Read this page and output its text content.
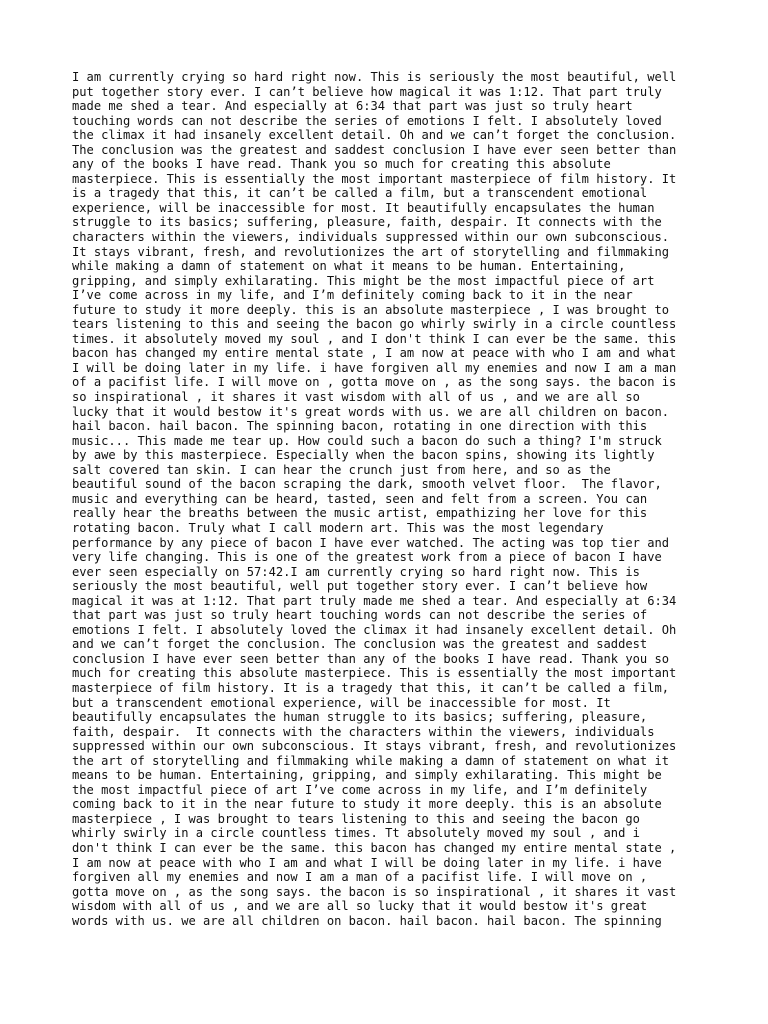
I am currently crying so hard right now. This is seriously the most beautiful, well
put together story ever. I can’t believe how magical it was 1:12. That part truly
made me shed a tear. And especially at 6:34 that part was just so truly heart
touching words can not describe the series of emotions I felt. I absolutely loved
the climax it had insanely excellent detail. Oh and we can’t forget the conclusion.
The conclusion was the greatest and saddest conclusion I have ever seen better than
any of the books I have read. Thank you so much for creating this absolute
masterpiece. This is essentially the most important masterpiece of film history. It
is a tragedy that this, it can’t be called a film, but a transcendent emotional
experience, will be inaccessible for most. It beautifully encapsulates the human
struggle to its basics; suffering, pleasure, faith, despair. It connects with the
characters within the viewers, individuals suppressed within our own subconscious.
It stays vibrant, fresh, and revolutionizes the art of storytelling and filmmaking
while making a damn of statement on what it means to be human. Entertaining,
gripping, and simply exhilarating. This might be the most impactful piece of art
I’ve come across in my life, and I’m definitely coming back to it in the near
future to study it more deeply. this is an absolute masterpiece , I was brought to
tears listening to this and seeing the bacon go whirly swirly in a circle countless
times. it absolutely moved my soul , and I don't think I can ever be the same. this
bacon has changed my entire mental state , I am now at peace with who I am and what
I will be doing later in my life. i have forgiven all my enemies and now I am a man
of a pacifist life. I will move on , gotta move on , as the song says. the bacon is
so inspirational , it shares it vast wisdom with all of us , and we are all so
lucky that it would bestow it's great words with us. we are all children on bacon.
hail bacon. hail bacon. The spinning bacon, rotating in one direction with this
music... This made me tear up. How could such a bacon do such a thing? I'm struck
by awe by this masterpiece. Especially when the bacon spins, showing its lightly
salt covered tan skin. I can hear the crunch just from here, and so as the
beautiful sound of the bacon scraping the dark, smooth velvet floor.  The flavor,
music and everything can be heard, tasted, seen and felt from a screen. You can
really hear the breaths between the music artist, empathizing her love for this
rotating bacon. Truly what I call modern art. This was the most legendary
performance by any piece of bacon I have ever watched. The acting was top tier and
very life changing. This is one of the greatest work from a piece of bacon I have
ever seen especially on 57:42.I am currently crying so hard right now. This is
seriously the most beautiful, well put together story ever. I can’t believe how
magical it was at 1:12. That part truly made me shed a tear. And especially at 6:34
that part was just so truly heart touching words can not describe the series of
emotions I felt. I absolutely loved the climax it had insanely excellent detail. Oh
and we can’t forget the conclusion. The conclusion was the greatest and saddest
conclusion I have ever seen better than any of the books I have read. Thank you so
much for creating this absolute masterpiece. This is essentially the most important
masterpiece of film history. It is a tragedy that this, it can’t be called a film,
but a transcendent emotional experience, will be inaccessible for most. It
beautifully encapsulates the human struggle to its basics; suffering, pleasure,
faith, despair.  It connects with the characters within the viewers, individuals
suppressed within our own subconscious. It stays vibrant, fresh, and revolutionizes
the art of storytelling and filmmaking while making a damn of statement on what it
means to be human. Entertaining, gripping, and simply exhilarating. This might be
the most impactful piece of art I’ve come across in my life, and I’m definitely
coming back to it in the near future to study it more deeply. this is an absolute
masterpiece , I was brought to tears listening to this and seeing the bacon go
whirly swirly in a circle countless times. Tt absolutely moved my soul , and i
don't think I can ever be the same. this bacon has changed my entire mental state ,
I am now at peace with who I am and what I will be doing later in my life. i have
forgiven all my enemies and now I am a man of a pacifist life. I will move on ,
gotta move on , as the song says. the bacon is so inspirational , it shares it vast
wisdom with all of us , and we are all so lucky that it would bestow it's great
words with us. we are all children on bacon. hail bacon. hail bacon. The spinning
